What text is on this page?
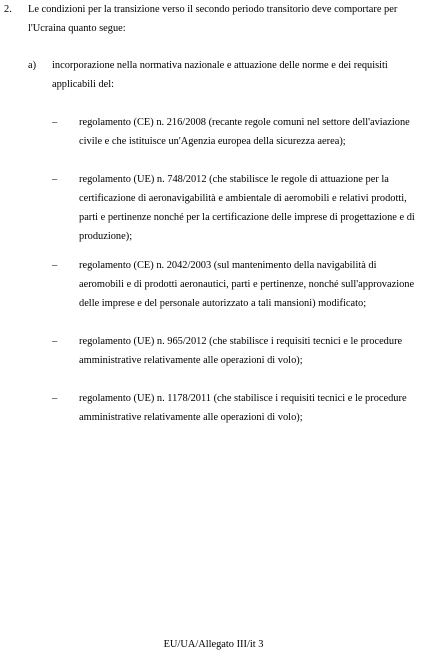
2. Le condizioni per la transizione verso il secondo periodo transitorio deve comportare per l'Ucraina quanto segue:
a) incorporazione nella normativa nazionale e attuazione delle norme e dei requisiti applicabili del:
– regolamento (CE) n. 216/2008 (recante regole comuni nel settore dell'aviazione civile e che istituisce un'Agenzia europea della sicurezza aerea);
– regolamento (UE) n. 748/2012 (che stabilisce le regole di attuazione per la certificazione di aeronavigabilità e ambientale di aeromobili e relativi prodotti, parti e pertinenze nonché per la certificazione delle imprese di progettazione e di produzione);
– regolamento (CE) n. 2042/2003 (sul mantenimento della navigabilità di aeromobili e di prodotti aeronautici, parti e pertinenze, nonché sull'approvazione delle imprese e del personale autorizzato a tali mansioni) modificato;
– regolamento (UE) n. 965/2012 (che stabilisce i requisiti tecnici e le procedure amministrative relativamente alle operazioni di volo);
– regolamento (UE) n. 1178/2011 (che stabilisce i requisiti tecnici e le procedure amministrative relativamente alle operazioni di volo);
EU/UA/Allegato III/it 3
